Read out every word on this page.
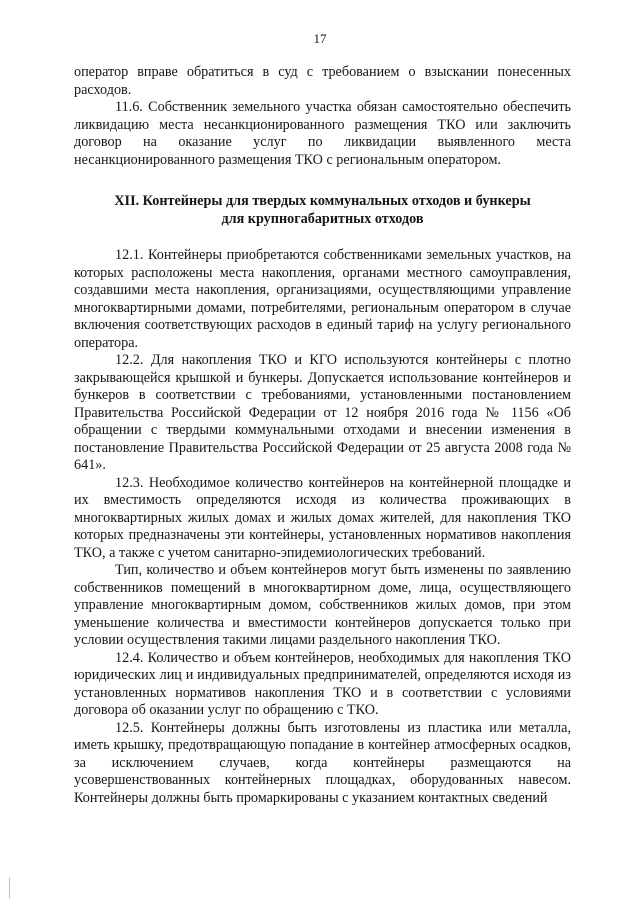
17

оператор вправе обратиться в суд с требованием о взыскании понесенных расходов.

11.6. Собственник земельного участка обязан самостоятельно обеспечить ликвидацию места несанкционированного размещения ТКО или заключить договор на оказание услуг по ликвидации выявленного места несанкционированного размещения ТКО с региональным оператором.

XII. Контейнеры для твердых коммунальных отходов и бункеры
для крупногабаритных отходов

12.1. Контейнеры приобретаются собственниками земельных участков, на которых расположены места накопления, органами местного самоуправления, создавшими места накопления, организациями, осуществляющими управление многоквартирными домами, потребителями, региональным оператором в случае включения соответствующих расходов в единый тариф на услугу регионального оператора.

12.2. Для накопления ТКО и КГО используются контейнеры с плотно закрывающейся крышкой и бункеры. Допускается использование контейнеров и бункеров в соответствии с требованиями, установленными постановлением Правительства Российской Федерации от 12 ноября 2016 года № 1156 «Об обращении с твердыми коммунальными отходами и внесении изменения в постановление Правительства Российской Федерации от 25 августа 2008 года № 641».

12.3. Необходимое количество контейнеров на контейнерной площадке и их вместимость определяются исходя из количества проживающих в многоквартирных жилых домах и жилых домах жителей, для накопления ТКО которых предназначены эти контейнеры, установленных нормативов накопления ТКО, а также с учетом санитарно-эпидемиологических требований.

Тип, количество и объем контейнеров могут быть изменены по заявлению собственников помещений в многоквартирном доме, лица, осуществляющего управление многоквартирным домом, собственников жилых домов, при этом уменьшение количества и вместимости контейнеров допускается только при условии осуществления такими лицами раздельного накопления ТКО.

12.4. Количество и объем контейнеров, необходимых для накопления ТКО юридических лиц и индивидуальных предпринимателей, определяются исходя из установленных нормативов накопления ТКО и в соответствии с условиями договора об оказании услуг по обращению с ТКО.

12.5. Контейнеры должны быть изготовлены из пластика или металла, иметь крышку, предотвращающую попадание в контейнер атмосферных осадков, за исключением случаев, когда контейнеры размещаются на усовершенствованных контейнерных площадках, оборудованных навесом. Контейнеры должны быть промаркированы с указанием контактных сведений
